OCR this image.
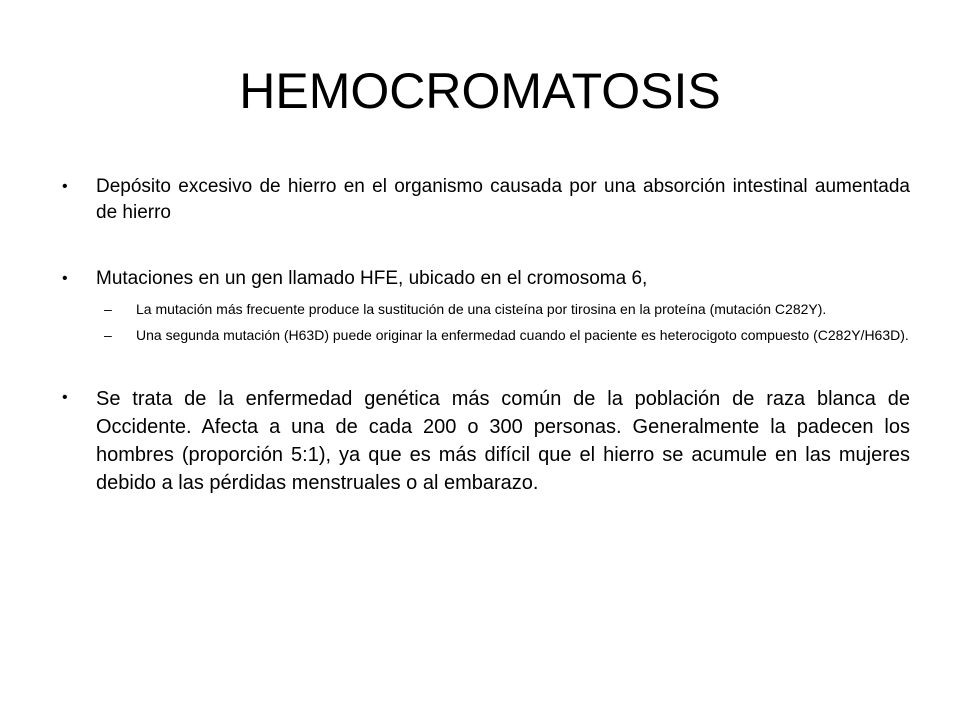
HEMOCROMATOSIS
• Depósito excesivo de hierro en el organismo causada por una absorción intestinal aumentada de hierro
• Mutaciones en un gen llamado HFE, ubicado en el cromosoma 6,
– La mutación más frecuente produce la sustitución de una cisteína por tirosina en la proteína (mutación C282Y).
– Una segunda mutación (H63D) puede originar la enfermedad cuando el paciente es heterocigoto compuesto (C282Y/H63D).
• Se trata de la enfermedad genética más común de la población de raza blanca de Occidente. Afecta a una de cada 200 o 300 personas. Generalmente la padecen los hombres (proporción 5:1), ya que es más difícil que el hierro se acumule en las mujeres debido a las pérdidas menstruales o al embarazo.
